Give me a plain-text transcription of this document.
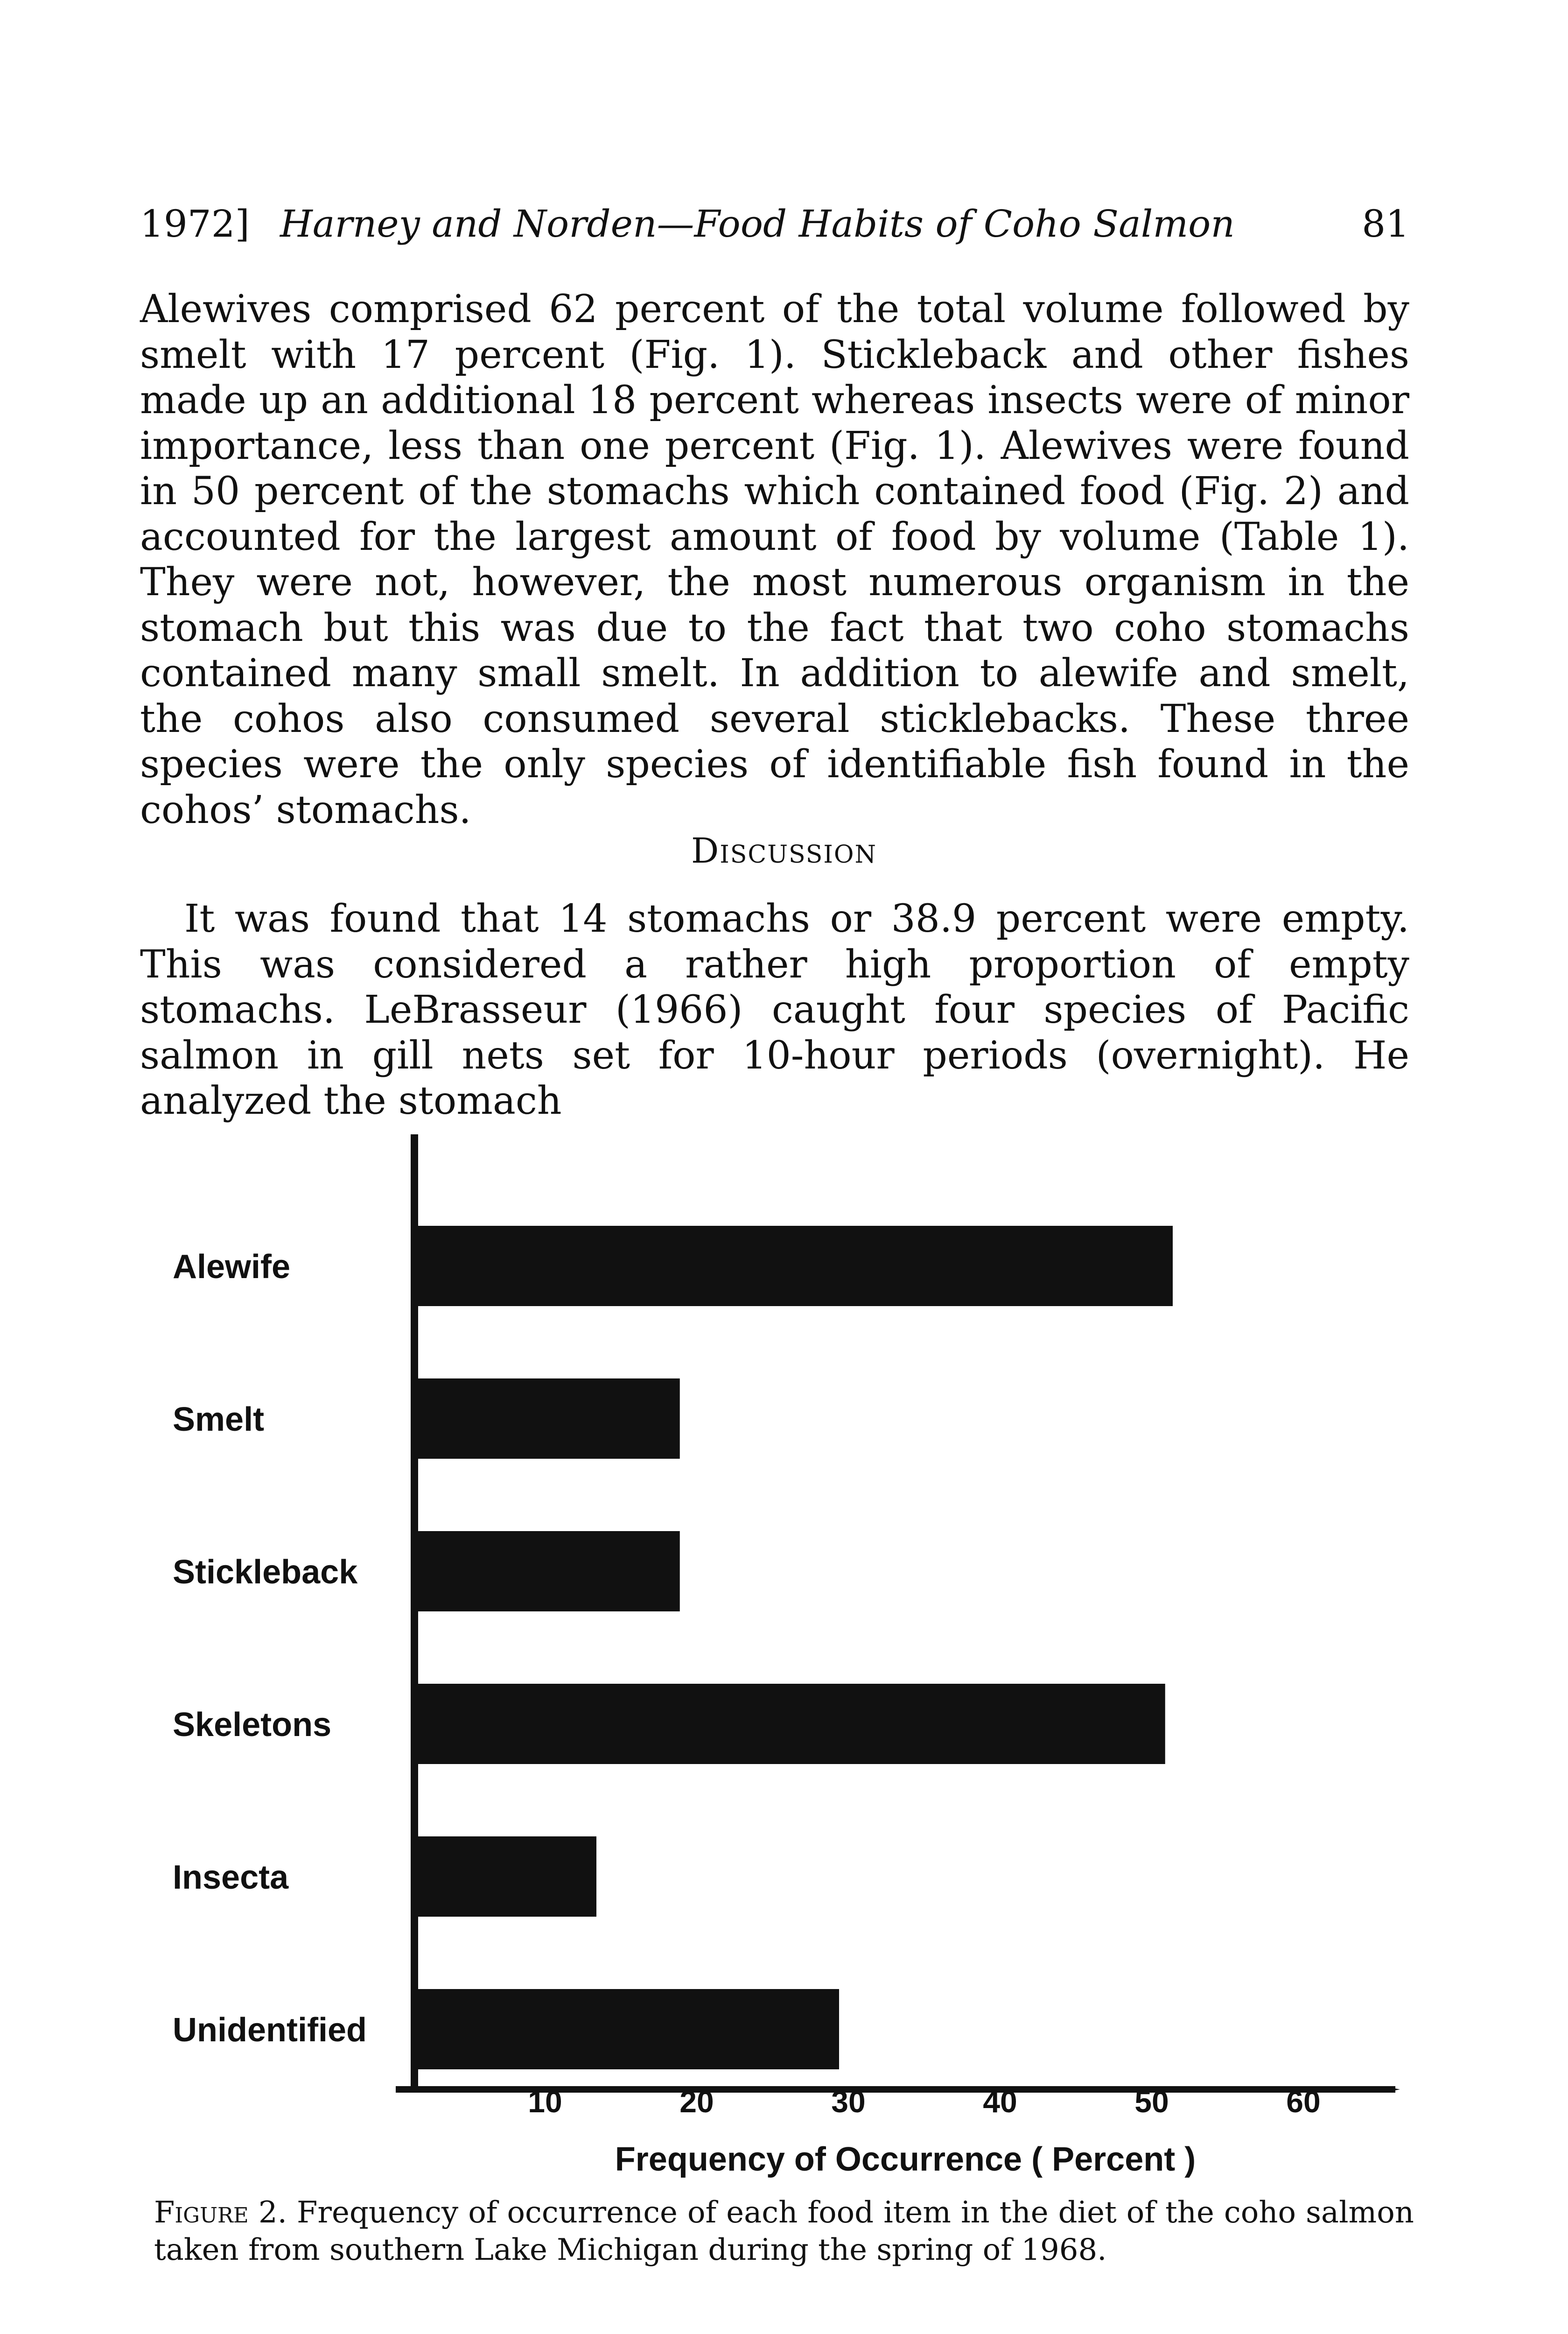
1972] Harney and Norden—Food Habits of Coho Salmon	81

Alewives comprised 62 percent of the total volume followed by smelt with 17 percent (Fig. 1). Stickleback and other fishes made up an additional 18 percent whereas insects were of minor importance, less than one percent (Fig. 1). Alewives were found in 50 percent of the stomachs which contained food (Fig. 2) and accounted for the largest amount of food by volume (Table 1). They were not, however, the most numerous organism in the stomach but this was due to the fact that two coho stomachs contained many small smelt. In addition to alewife and smelt, the cohos also consumed several sticklebacks. These three species were the only species of identifiable fish found in the cohos’ stomachs.

Discussion

It was found that 14 stomachs or 38.9 percent were empty. This was considered a rather high proportion of empty stomachs. LeBrasseur (1966) caught four species of Pacific salmon in gill nets set for 10-hour periods (overnight). He analyzed the stomach

Alewife
Smelt
Stickleback
Skeletons
Insecta
Unidentified
10	20	30	40	50	60
Frequency of Occurrence ( Percent )

Figure 2. Frequency of occurrence of each food item in the diet of the coho salmon taken from southern Lake Michigan during the spring of 1968.
